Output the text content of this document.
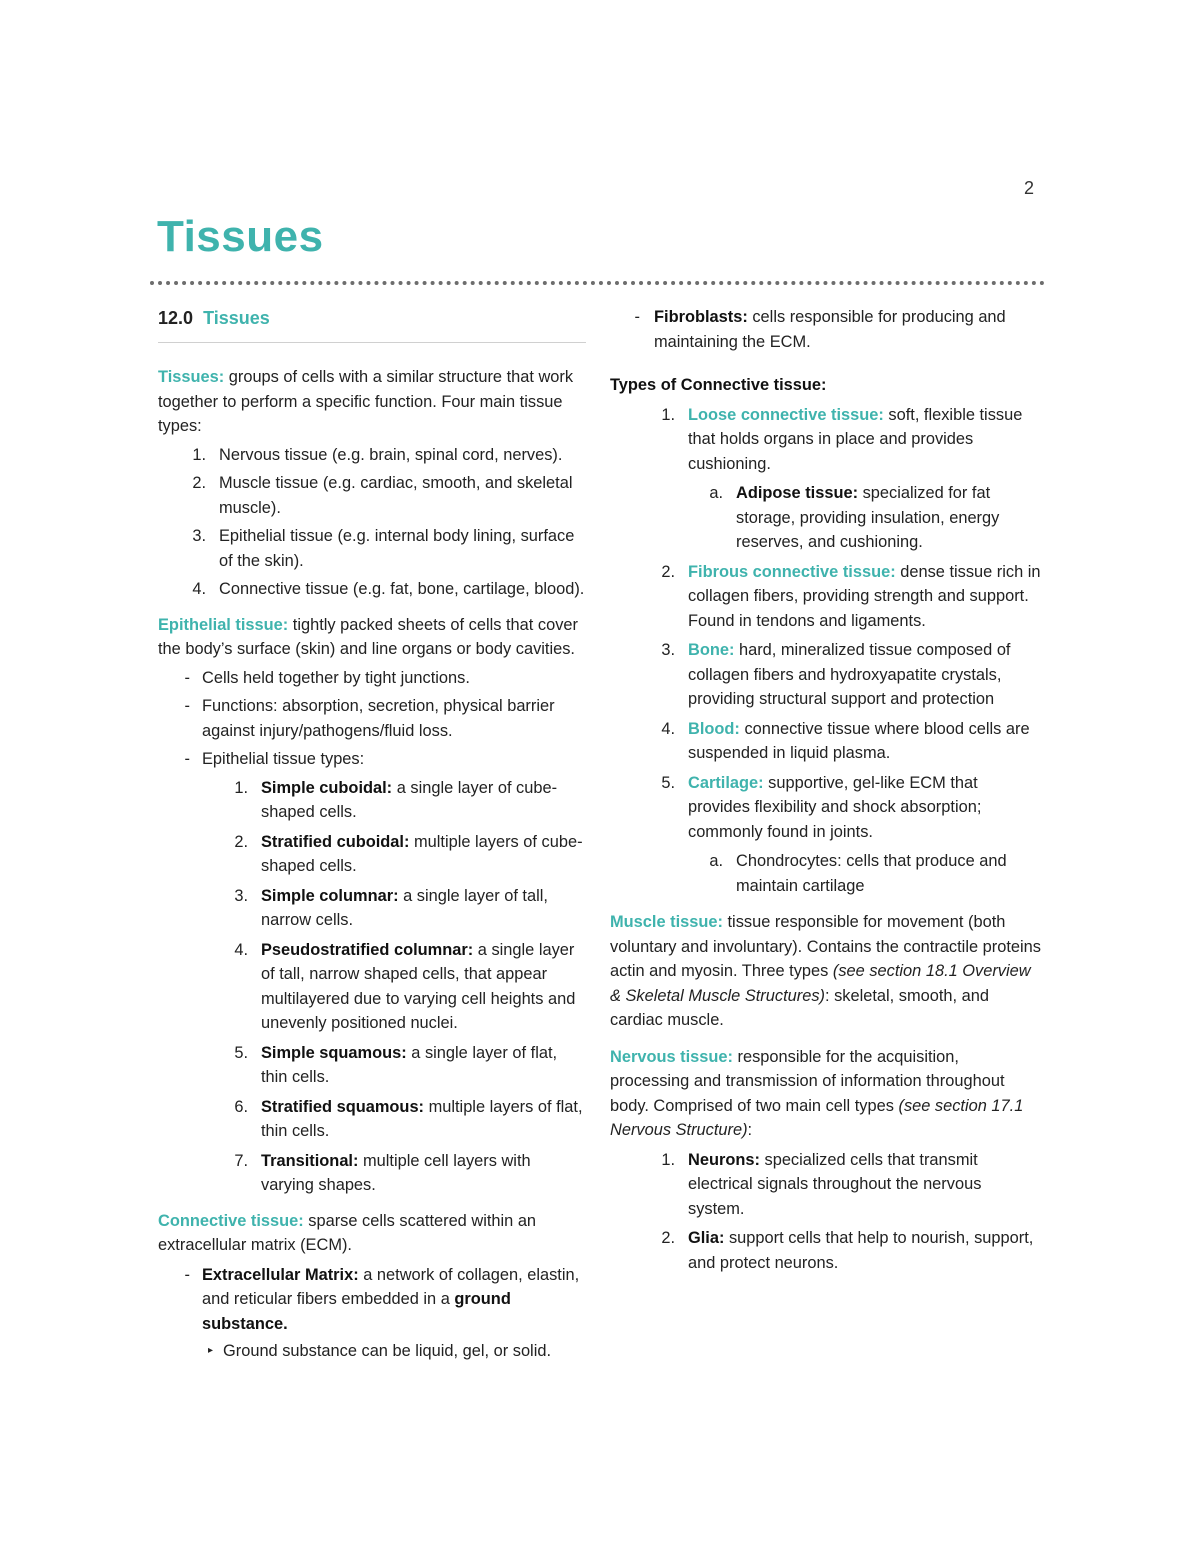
2
Tissues
12.0 Tissues

Tissues: groups of cells with a similar structure that work together to perform a specific function. Four main tissue types:

1. Nervous tissue (e.g. brain, spinal cord, nerves).
2. Muscle tissue (e.g. cardiac, smooth, and skeletal muscle).
3. Epithelial tissue (e.g. internal body lining, surface of the skin).
4. Connective tissue (e.g. fat, bone, cartilage, blood).

Epithelial tissue: tightly packed sheets of cells that cover the body’s surface (skin) and line organs or body cavities.

- Cells held together by tight junctions.
- Functions: absorption, secretion, physical barrier against injury/pathogens/fluid loss.
- Epithelial tissue types:
1. Simple cuboidal: a single layer of cube-shaped cells.
2. Stratified cuboidal: multiple layers of cube-shaped cells.
3. Simple columnar: a single layer of tall, narrow cells.
4. Pseudostratified columnar: a single layer of tall, narrow shaped cells, that appear multilayered due to varying cell heights and unevenly positioned nuclei.
5. Simple squamous: a single layer of flat, thin cells.
6. Stratified squamous: multiple layers of flat, thin cells.
7. Transitional: multiple cell layers with varying shapes.

Connective tissue: sparse cells scattered within an extracellular matrix (ECM).

- Extracellular Matrix: a network of collagen, elastin, and reticular fibers embedded in a ground substance.
▸ Ground substance can be liquid, gel, or solid.
- Fibroblasts: cells responsible for producing and maintaining the ECM.

Types of Connective tissue:

1. Loose connective tissue: soft, flexible tissue that holds organs in place and provides cushioning.
a. Adipose tissue: specialized for fat storage, providing insulation, energy reserves, and cushioning.
2. Fibrous connective tissue: dense tissue rich in collagen fibers, providing strength and support. Found in tendons and ligaments.
3. Bone: hard, mineralized tissue composed of collagen fibers and hydroxyapatite crystals, providing structural support and protection
4. Blood: connective tissue where blood cells are suspended in liquid plasma.
5. Cartilage: supportive, gel-like ECM that provides flexibility and shock absorption; commonly found in joints.
a. Chondrocytes: cells that produce and maintain cartilage

Muscle tissue: tissue responsible for movement (both voluntary and involuntary). Contains the contractile proteins actin and myosin. Three types (see section 18.1 Overview & Skeletal Muscle Structures): skeletal, smooth, and cardiac muscle.

Nervous tissue: responsible for the acquisition, processing and transmission of information throughout body. Comprised of two main cell types (see section 17.1 Nervous Structure):

1. Neurons: specialized cells that transmit electrical signals throughout the nervous system.
2. Glia: support cells that help to nourish, support, and protect neurons.
